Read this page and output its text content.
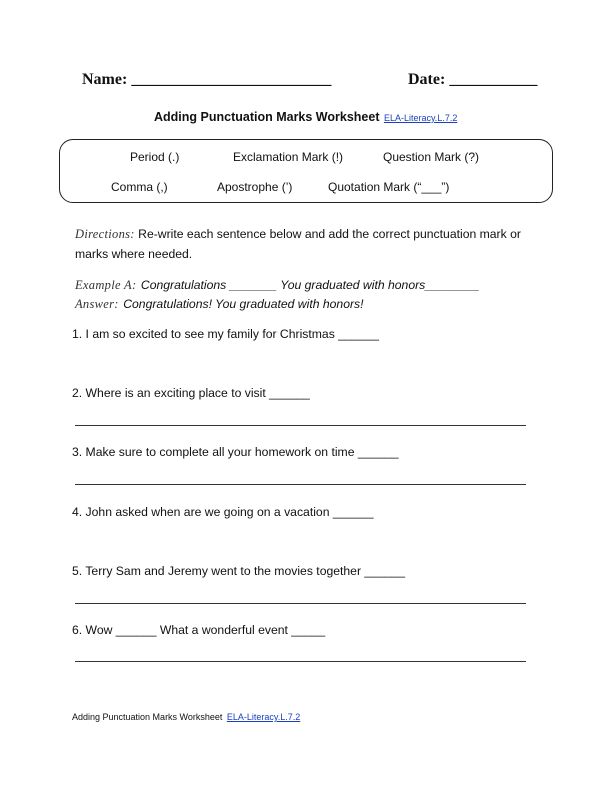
Name: _________________________	Date: ___________
Adding Punctuation Marks Worksheet ELA-Literacy.L.7.2
Period (.)	Exclamation Mark (!)	Question Mark (?)
Comma (,)	Apostrophe (’)	Quotation Mark (“___”)
Directions: Re-write each sentence below and add the correct punctuation mark or marks where needed.
Example A: Congratulations _______ You graduated with honors________
Answer: Congratulations! You graduated with honors!
1. I am so excited to see my family for Christmas ______
2. Where is an exciting place to visit ______
3. Make sure to complete all your homework on time ______
4. John asked when are we going on a vacation ______
5. Terry Sam and Jeremy went to the movies together ______
6. Wow ______ What a wonderful event _____
Adding Punctuation Marks Worksheet ELA-Literacy.L.7.2
